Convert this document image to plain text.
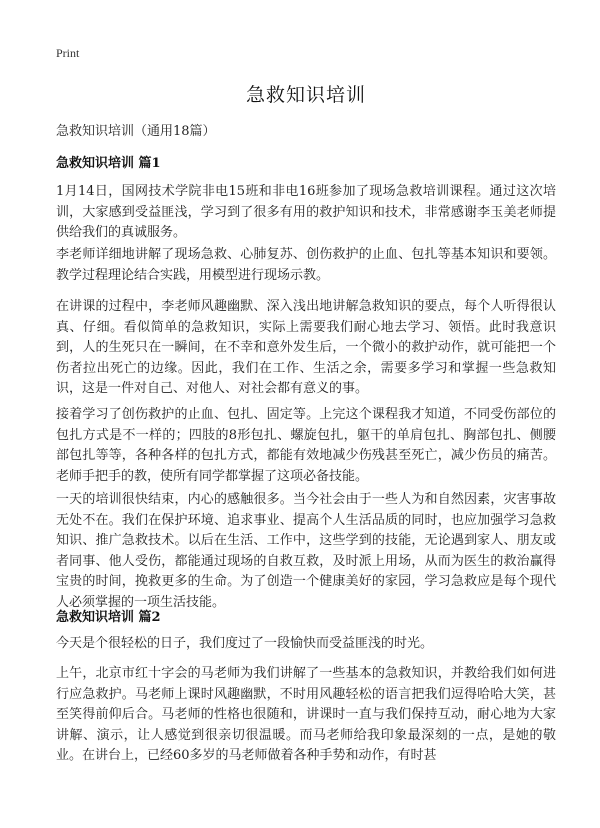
Print
急救知识培训
急救知识培训（通用18篇）
急救知识培训 篇1

1月14日，国网技术学院非电15班和非电16班参加了现场急救培训课程。通过这次培训，大家感到受益匪浅，学习到了很多有用的救护知识和技术，非常感谢李玉美老师提供给我们的真诚服务。

李老师详细地讲解了现场急救、心肺复苏、创伤救护的止血、包扎等基本知识和要领。教学过程理论结合实践，用模型进行现场示教。

在讲课的过程中，李老师风趣幽默、深入浅出地讲解急救知识的要点，每个人听得很认真、仔细。看似简单的急救知识，实际上需要我们耐心地去学习、领悟。此时我意识到，人的生死只在一瞬间，在不幸和意外发生后，一个微小的救护动作，就可能把一个伤者拉出死亡的边缘。因此，我们在工作、生活之余，需要多学习和掌握一些急救知识，这是一件对自己、对他人、对社会都有意义的事。

接着学习了创伤救护的止血、包扎、固定等。上完这个课程我才知道，不同受伤部位的包扎方式是不一样的；四肢的8形包扎、螺旋包扎，躯干的单肩包扎、胸部包扎、侧腰部包扎等等，各种各样的包扎方式，都能有效地减少伤残甚至死亡，减少伤员的痛苦。老师手把手的教，使所有同学都掌握了这项必备技能。

一天的培训很快结束，内心的感触很多。当今社会由于一些人为和自然因素，灾害事故无处不在。我们在保护环境、追求事业、提高个人生活品质的同时，也应加强学习急救知识、推广急救技术。以后在生活、工作中，这些学到的技能，无论遇到家人、朋友或者同事、他人受伤，都能通过现场的自救互救，及时派上用场，从而为医生的救治赢得宝贵的时间，挽救更多的生命。为了创造一个健康美好的家园，学习急救应是每个现代人必须掌握的一项生活技能。

急救知识培训 篇2

今天是个很轻松的日子，我们度过了一段愉快而受益匪浅的时光。

上午，北京市红十字会的马老师为我们讲解了一些基本的急救知识，并教给我们如何进行应急救护。马老师上课时风趣幽默，不时用风趣轻松的语言把我们逗得哈哈大笑，甚至笑得前仰后合。马老师的性格也很随和，讲课时一直与我们保持互动，耐心地为大家讲解、演示，让人感觉到很亲切很温暖。而马老师给我印象最深刻的一点，是她的敬业。在讲台上，已经60多岁的马老师做着各种手势和动作，有时甚
